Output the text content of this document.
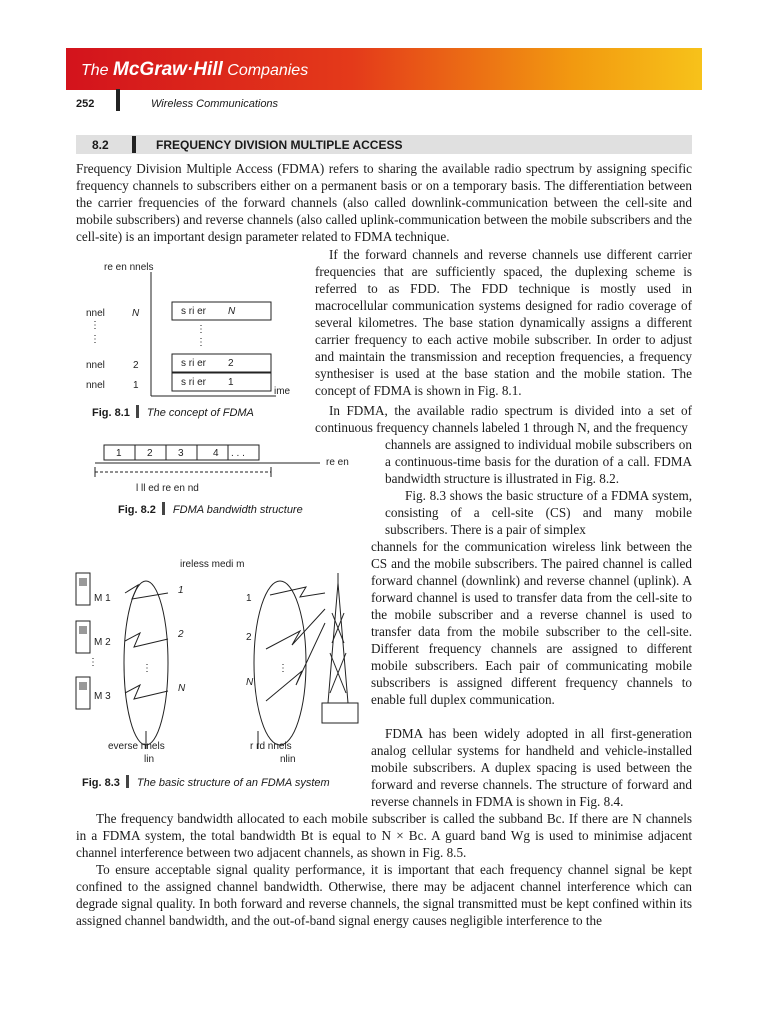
The McGraw·Hill Companies
252	Wireless Communications
8.2	FREQUENCY DIVISION MULTIPLE ACCESS

Frequency Division Multiple Access (FDMA) refers to sharing the available radio spectrum by assigning specific frequency channels to subscribers either on a permanent basis or on a temporary basis. The differentiation between the carrier frequencies of the forward channels (also called downlink-communication between the cell-site and mobile subscribers) and reverse channels (also called uplink-communication between the mobile subscribers and the cell-site) is an important design parameter related to FDMA technique.

If the forward channels and reverse channels use different carrier frequencies that are sufficiently spaced, the duplexing scheme is referred to as FDD. The FDD technique is mostly used in macrocellular communication systems designed for radio coverage of several kilometres. The base station dynamically assigns a different carrier frequency to each active mobile subscriber. In order to adjust and maintain the transmission and reception frequencies, a frequency synthesiser is used at the base station and the mobile station. The concept of FDMA is shown in Fig. 8.1.

In FDMA, the available radio spectrum is divided into a set of continuous frequency channels labeled 1 through N, and the frequency

channels are assigned to individual mobile subscribers on a continuous-time basis for the duration of a call. FDMA bandwidth structure is illustrated in Fig. 8.2.

Fig. 8.3 shows the basic structure of a FDMA system, consisting of a cell-site (CS) and many mobile subscribers. There is a pair of simplex

channels for the communication wireless link between the CS and the mobile subscribers. The paired channel is called forward channel (downlink) and reverse channel (uplink). A forward channel is used to transfer data from the cell-site to the mobile subscriber and a reverse channel is used to transfer data from the mobile subscriber to the cell-site. Different frequency channels are assigned to different mobile subscribers. Each pair of communicating mobile subscribers is assigned different frequency channels to enable full duplex communication.

FDMA has been widely adopted in all first-generation analog cellular systems for handheld and vehicle-installed mobile subscribers. A duplex spacing is used between the forward and reverse channels. The structure of forward and reverse channels in FDMA is shown in Fig. 8.4.

The frequency bandwidth allocated to each mobile subscriber is called the subband Bc. If there are N channels in a FDMA system, the total bandwidth Bt is equal to N × Bc. A guard band Wg is used to minimise adjacent channel interference between two adjacent channels, as shown in Fig. 8.5.

To ensure acceptable signal quality performance, it is important that each frequency channel signal be kept confined to the assigned channel bandwidth. Otherwise, there may be adjacent channel interference which can degrade signal quality. In both forward and reverse channels, the signal transmitted must be kept confined within its assigned channel bandwidth, and the out-of-band signal energy causes negligible interference to the

re en nnels
nnel	N
⋮
⋮
nnel	2
nnel	1
s ri er N
⋮
⋮
s ri er 2
s ri er 1
ime
Fig. 8.1 The concept of FDMA
1	2	3	4 . . .
re en
l ll ed re en nd
Fig. 8.2 FDMA bandwidth structure
ireless medi m
M 1
M 2
⋮
M 3
⋮
1
2
N
⋮
1
2
N
everse nnels
lin
r rd nnels
nlin
Fig. 8.3 The basic structure of an FDMA system
